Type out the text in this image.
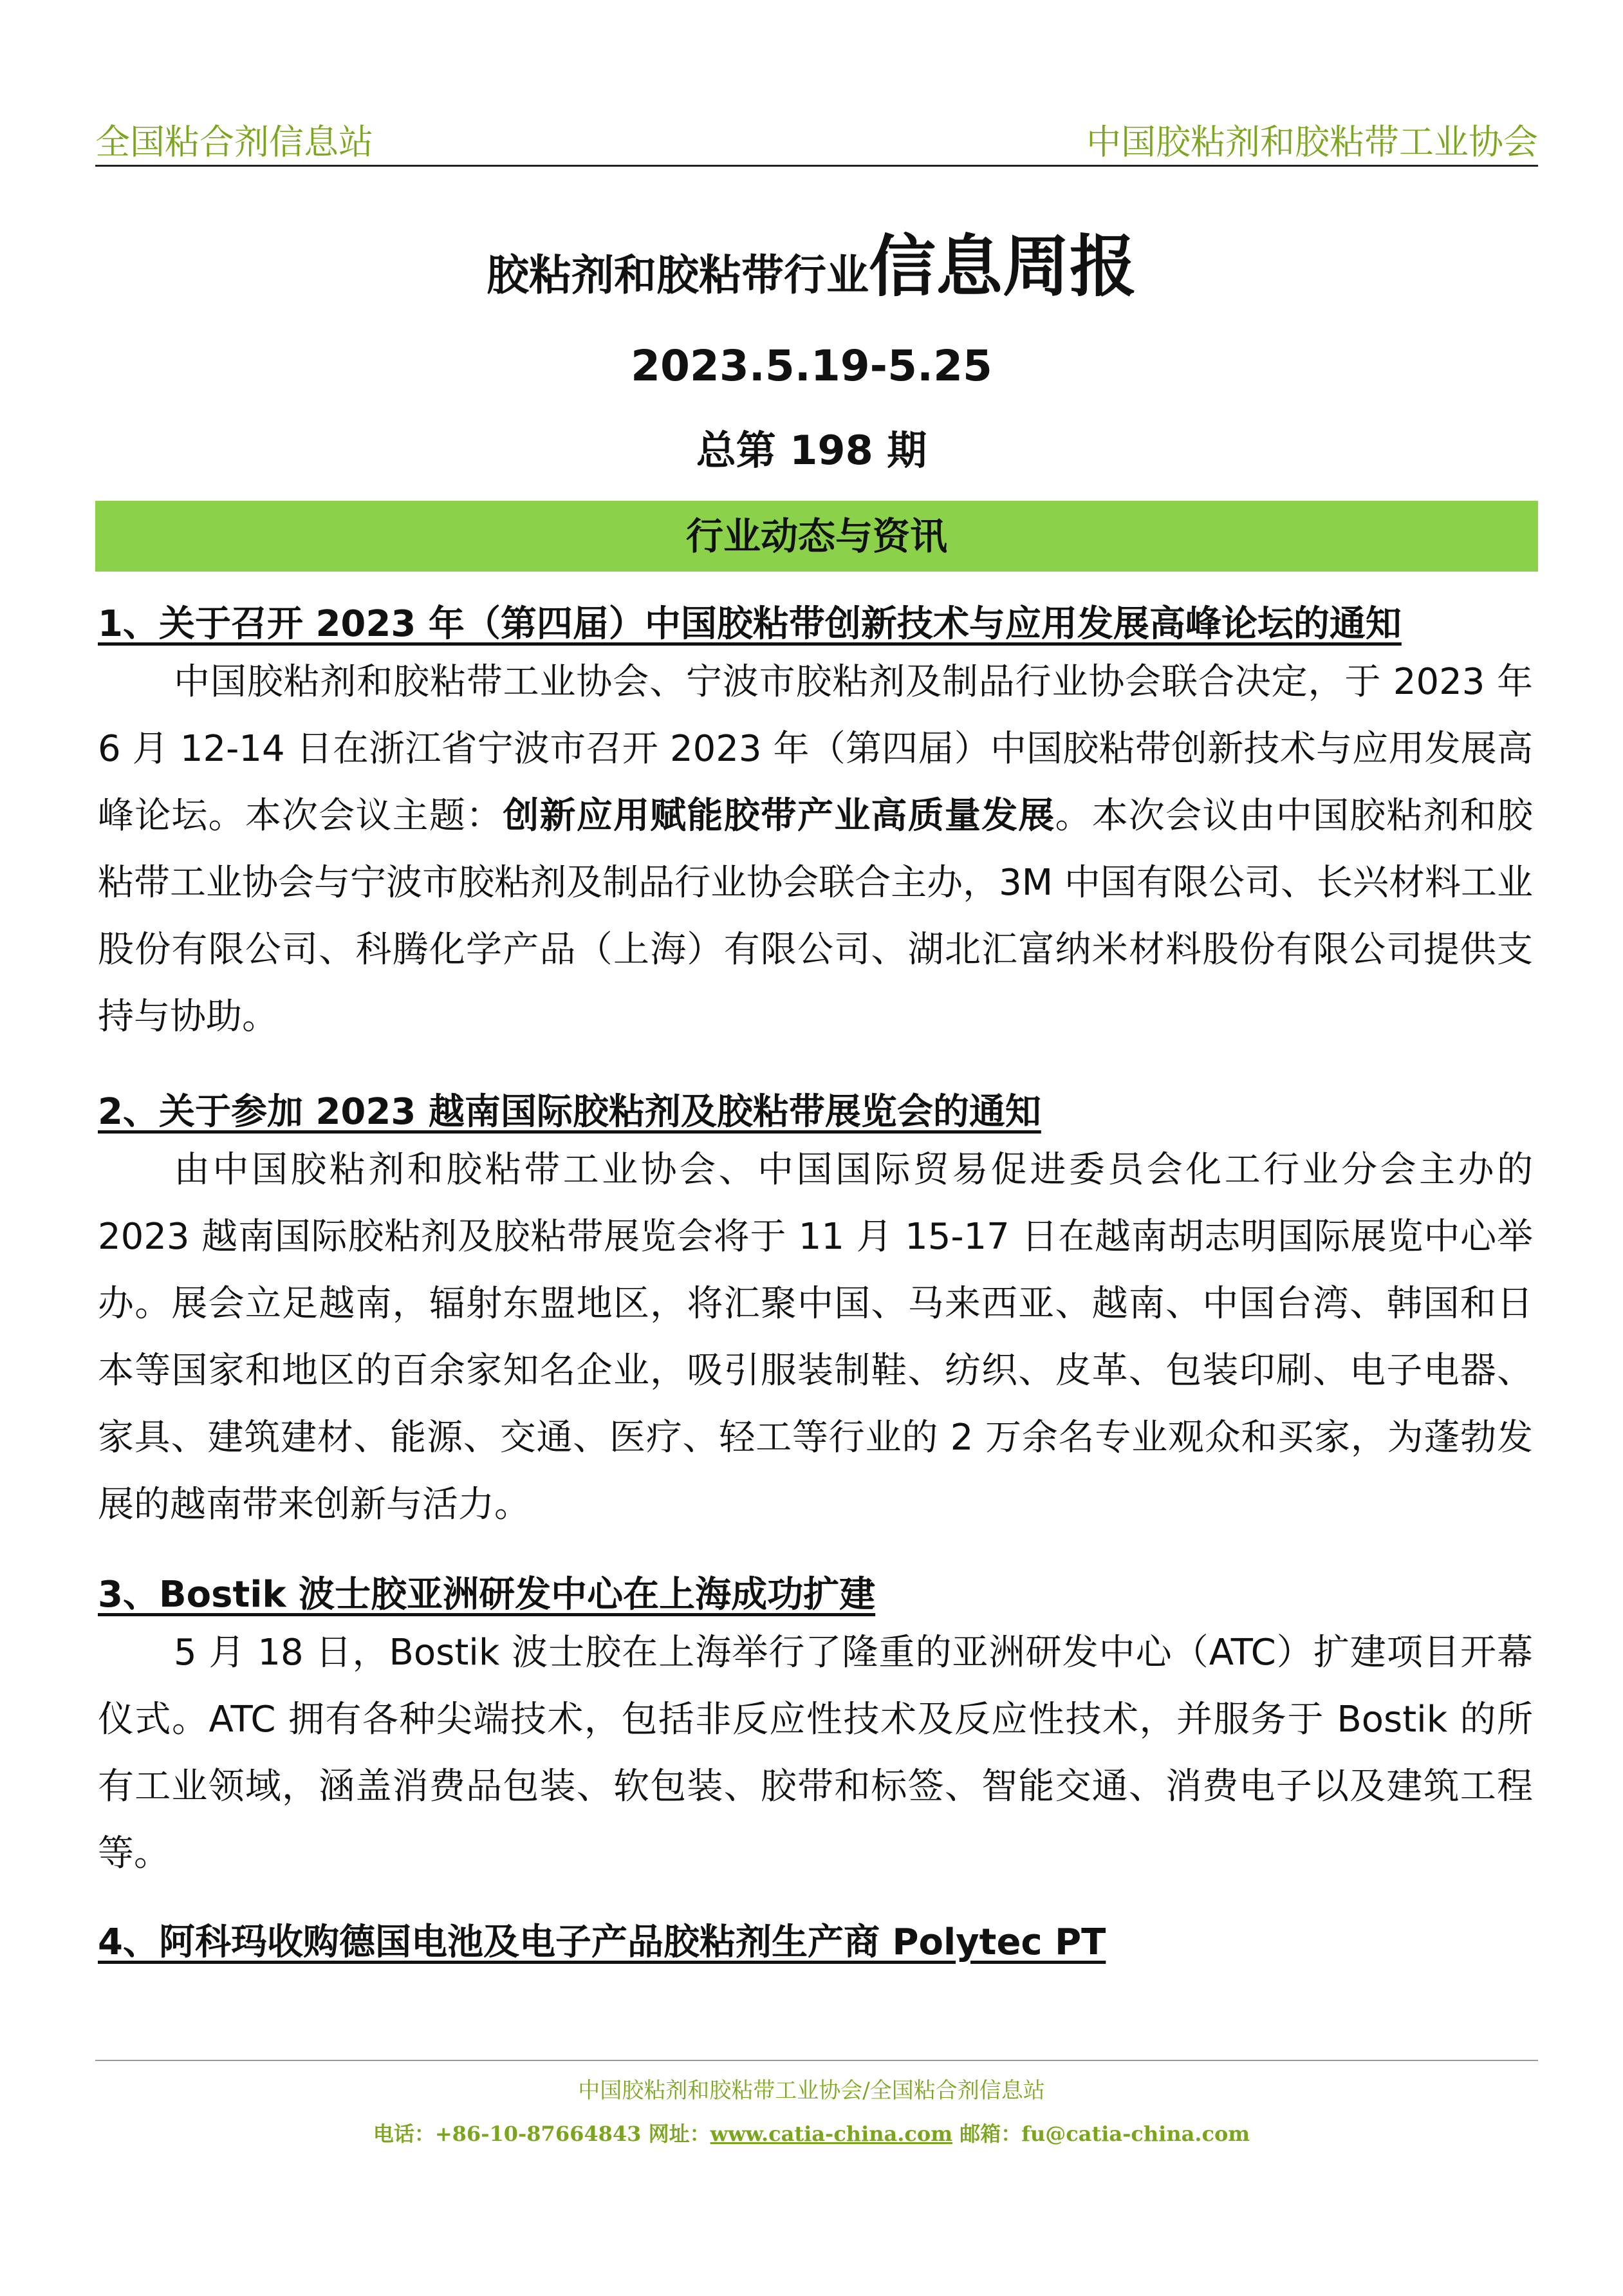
全国粘合剂信息站	中国胶粘剂和胶粘带工业协会
胶粘剂和胶粘带行业信息周报
2023.5.19-5.25
总第 198 期
行业动态与资讯
1、关于召开 2023 年（第四届）中国胶粘带创新技术与应用发展高峰论坛的通知

中国胶粘剂和胶粘带工业协会、宁波市胶粘剂及制品行业协会联合决定，于 2023 年 6 月 12-14 日在浙江省宁波市召开 2023 年（第四届）中国胶粘带创新技术与应用发展高峰论坛。本次会议主题：创新应用赋能胶带产业高质量发展。本次会议由中国胶粘剂和胶粘带工业协会与宁波市胶粘剂及制品行业协会联合主办，3M 中国有限公司、长兴材料工业股份有限公司、科腾化学产品（上海）有限公司、湖北汇富纳米材料股份有限公司提供支持与协助。

2、关于参加 2023 越南国际胶粘剂及胶粘带展览会的通知

由中国胶粘剂和胶粘带工业协会、中国国际贸易促进委员会化工行业分会主办的 2023 越南国际胶粘剂及胶粘带展览会将于 11 月 15-17 日在越南胡志明国际展览中心举办。展会立足越南，辐射东盟地区，将汇聚中国、马来西亚、越南、中国台湾、韩国和日本等国家和地区的百余家知名企业，吸引服装制鞋、纺织、皮革、包装印刷、电子电器、家具、建筑建材、能源、交通、医疗、轻工等行业的 2 万余名专业观众和买家，为蓬勃发展的越南带来创新与活力。

3、Bostik 波士胶亚洲研发中心在上海成功扩建

5 月 18 日，Bostik 波士胶在上海举行了隆重的亚洲研发中心（ATC）扩建项目开幕仪式。ATC 拥有各种尖端技术，包括非反应性技术及反应性技术，并服务于 Bostik 的所有工业领域，涵盖消费品包装、软包装、胶带和标签、智能交通、消费电子以及建筑工程等。

4、阿科玛收购德国电池及电子产品胶粘剂生产商 Polytec PT
中国胶粘剂和胶粘带工业协会/全国粘合剂信息站
电话：+86-10-87664843 网址：www.catia-china.com 邮箱：fu@catia-china.com
